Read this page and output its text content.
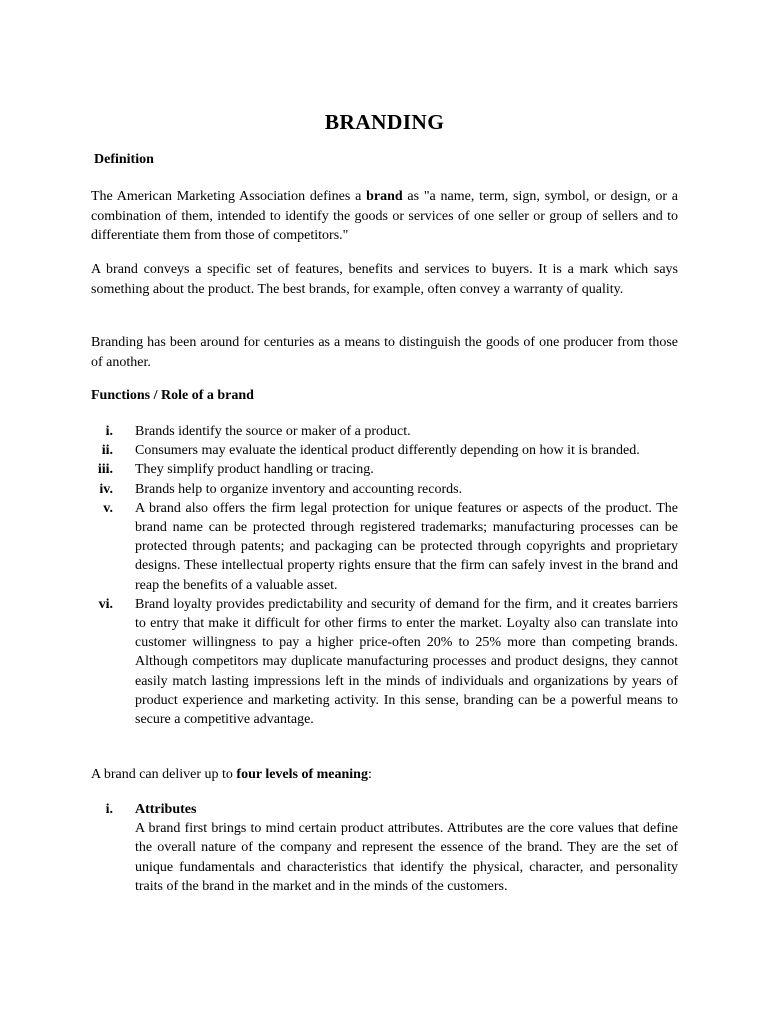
BRANDING
Definition
The American Marketing Association defines a brand as "a name, term, sign, symbol, or design, or a combination of them, intended to identify the goods or services of one seller or group of sellers and to differentiate them from those of competitors."
A brand conveys a specific set of features, benefits and services to buyers. It is a mark which says something about the product. The best brands, for example, often convey a warranty of quality.
Branding has been around for centuries as a means to distinguish the goods of one producer from those of another.
Functions / Role of a brand
i. Brands identify the source or maker of a product.
ii. Consumers may evaluate the identical product differently depending on how it is branded.
iii. They simplify product handling or tracing.
iv. Brands help to organize inventory and accounting records.
v. A brand also offers the firm legal protection for unique features or aspects of the product. The brand name can be protected through registered trademarks; manufacturing processes can be protected through patents; and packaging can be protected through copyrights and proprietary designs. These intellectual property rights ensure that the firm can safely invest in the brand and reap the benefits of a valuable asset.
vi. Brand loyalty provides predictability and security of demand for the firm, and it creates barriers to entry that make it difficult for other firms to enter the market. Loyalty also can translate into customer willingness to pay a higher price-often 20% to 25% more than competing brands. Although competitors may duplicate manufacturing processes and product designs, they cannot easily match lasting impressions left in the minds of individuals and organizations by years of product experience and marketing activity. In this sense, branding can be a powerful means to secure a competitive advantage.
A brand can deliver up to four levels of meaning:
i. Attributes
A brand first brings to mind certain product attributes. Attributes are the core values that define the overall nature of the company and represent the essence of the brand. They are the set of unique fundamentals and characteristics that identify the physical, character, and personality traits of the brand in the market and in the minds of the customers.
